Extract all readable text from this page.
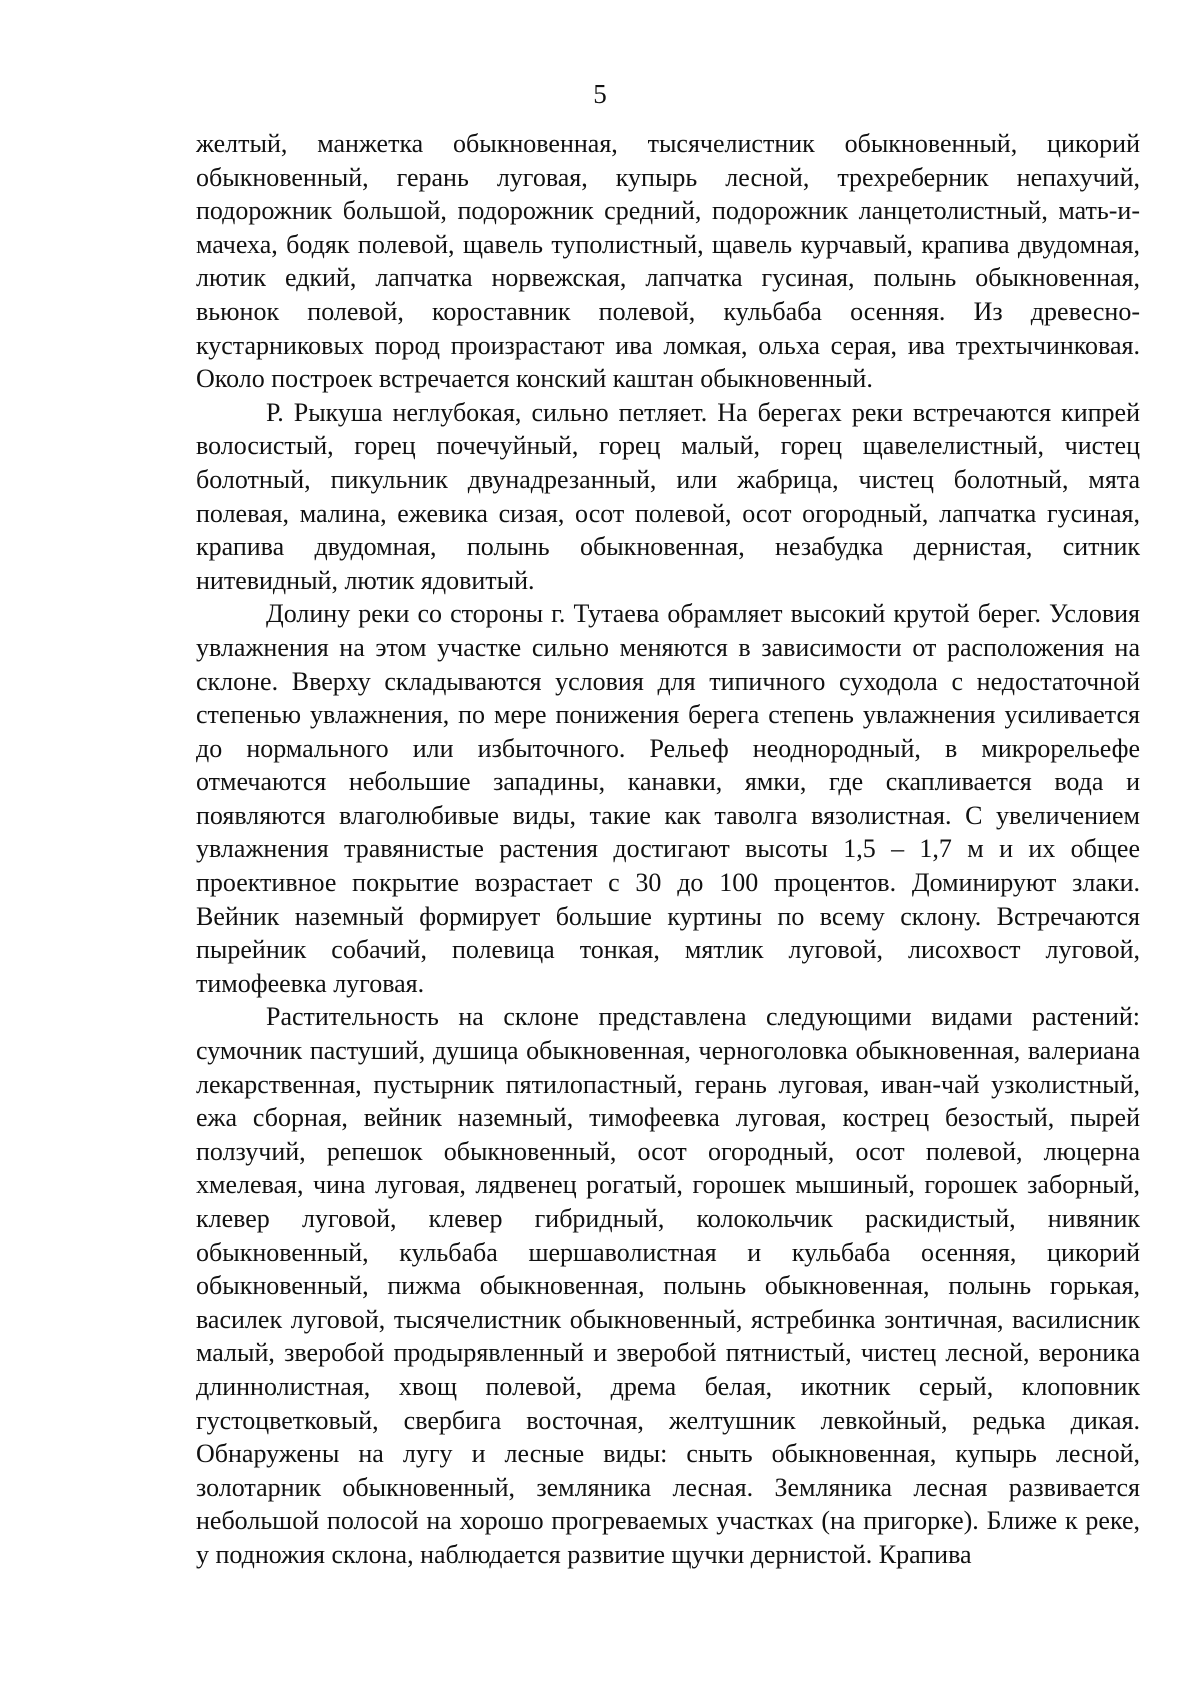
5

желтый, манжетка обыкновенная, тысячелистник обыкновенный, цикорий обыкновенный, герань луговая, купырь лесной, трехреберник непахучий, подорожник большой, подорожник средний, подорожник ланцетолистный, мать-и-мачеха, бодяк полевой, щавель туполистный, щавель курчавый, крапива двудомная, лютик едкий, лапчатка норвежская, лапчатка гусиная, полынь обыкновенная, вьюнок полевой, короставник полевой, кульбаба осенняя. Из древесно-кустарниковых пород произрастают ива ломкая, ольха серая, ива трехтычинковая. Около построек встречается конский каштан обыкновенный.

Р. Рыкуша неглубокая, сильно петляет. На берегах реки встречаются кипрей волосистый, горец почечуйный, горец малый, горец щавелелистный, чистец болотный, пикульник двунадрезанный, или жабрица, чистец болотный, мята полевая, малина, ежевика сизая, осот полевой, осот огородный, лапчатка гусиная, крапива двудомная, полынь обыкновенная, незабудка дернистая, ситник нитевидный, лютик ядовитый.

Долину реки со стороны г. Тутаева обрамляет высокий крутой берег. Условия увлажнения на этом участке сильно меняются в зависимости от расположения на склоне. Вверху складываются условия для типичного суходола с недостаточной степенью увлажнения, по мере понижения берега степень увлажнения усиливается до нормального или избыточного. Рельеф неоднородный, в микрорельефе отмечаются небольшие западины, канавки, ямки, где скапливается вода и появляются влаголюбивые виды, такие как таволга вязолистная. С увеличением увлажнения травянистые растения достигают высоты 1,5 – 1,7 м и их общее проективное покрытие возрастает с 30 до 100 процентов. Доминируют злаки. Вейник наземный формирует большие куртины по всему склону. Встречаются пырейник собачий, полевица тонкая, мятлик луговой, лисохвост луговой, тимофеевка луговая.

Растительность на склоне представлена следующими видами растений: сумочник пастуший, душица обыкновенная, черноголовка обыкновенная, валериана лекарственная, пустырник пятилопастный, герань луговая, иван-чай узколистный, ежа сборная, вейник наземный, тимофеевка луговая, кострец безостый, пырей ползучий, репешок обыкновенный, осот огородный, осот полевой, люцерна хмелевая, чина луговая, лядвенец рогатый, горошек мышиный, горошек заборный, клевер луговой, клевер гибридный, колокольчик раскидистый, нивяник обыкновенный, кульбаба шершаволистная и кульбаба осенняя, цикорий обыкновенный, пижма обыкновенная, полынь обыкновенная, полынь горькая, василек луговой, тысячелистник обыкновенный, ястребинка зонтичная, василисник малый, зверобой продырявленный и зверобой пятнистый, чистец лесной, вероника длиннолистная, хвощ полевой, дрема белая, икотник серый, клоповник густоцветковый, свербига восточная, желтушник левкойный, редька дикая. Обнаружены на лугу и лесные виды: сныть обыкновенная, купырь лесной, золотарник обыкновенный, земляника лесная. Земляника лесная развивается небольшой полосой на хорошо прогреваемых участках (на пригорке). Ближе к реке, у подножия склона, наблюдается развитие щучки дернистой. Крапива
